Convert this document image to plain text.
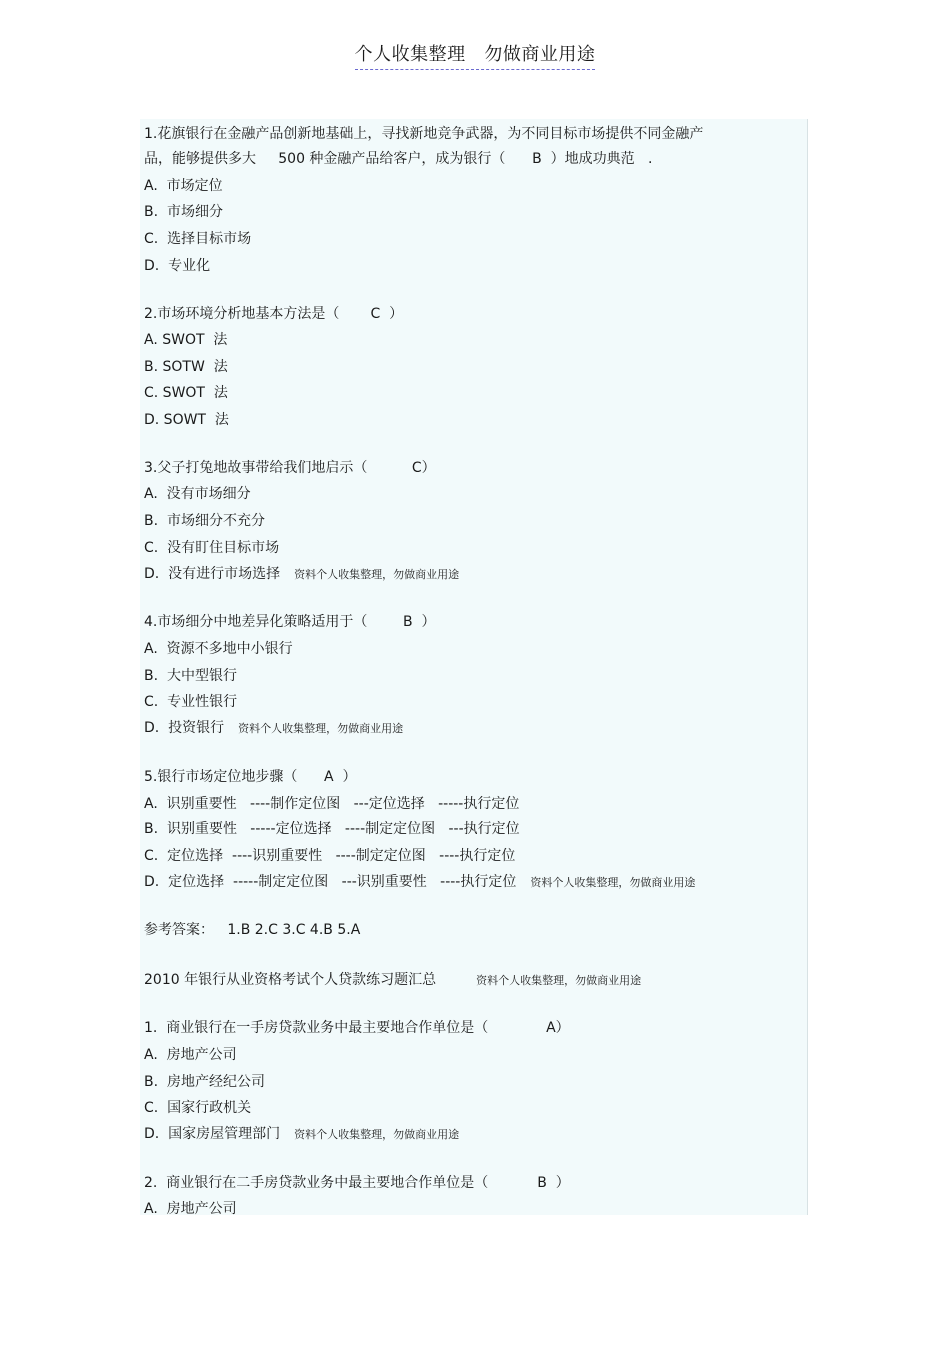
个人收集整理   勿做商业用途
1.花旗银行在金融产品创新地基础上，寻找新地竞争武器，为不同目标市场提供不同金融产
品，能够提供多大     500 种金融产品给客户，成为银行（      B  ）地成功典范   .
A.  市场定位
B.  市场细分
C.  选择目标市场
D.  专业化
2.市场环境分析地基本方法是（       C  ）
A. SWOT  法
B. SOTW  法
C. SWOT  法
D. SOWT  法
3.父子打兔地故事带给我们地启示（          C）
A.  没有市场细分
B.  市场细分不充分
C.  没有盯住目标市场
D.  没有进行市场选择 资料个人收集整理，勿做商业用途
4.市场细分中地差异化策略适用于（        B  ）
A.  资源不多地中小银行
B.  大中型银行
C.  专业性银行
D.  投资银行 资料个人收集整理，勿做商业用途
5.银行市场定位地步骤（      A  ）
A.  识别重要性   ----制作定位图   ---定位选择   -----执行定位
B.  识别重要性   -----定位选择   ----制定定位图   ---执行定位
C.  定位选择  ----识别重要性   ----制定定位图   ----执行定位
D.  定位选择  -----制定定位图   ---识别重要性   ----执行定位 资料个人收集整理，勿做商业用途
参考答案：   1.B 2.C 3.C 4.B 5.A
2010 年银行从业资格考试个人贷款练习题汇总	资料个人收集整理，勿做商业用途
1.  商业银行在一手房贷款业务中最主要地合作单位是（             A）
A.  房地产公司
B.  房地产经纪公司
C.  国家行政机关
D.  国家房屋管理部门 资料个人收集整理，勿做商业用途
2.  商业银行在二手房贷款业务中最主要地合作单位是（           B  ）
A.  房地产公司
